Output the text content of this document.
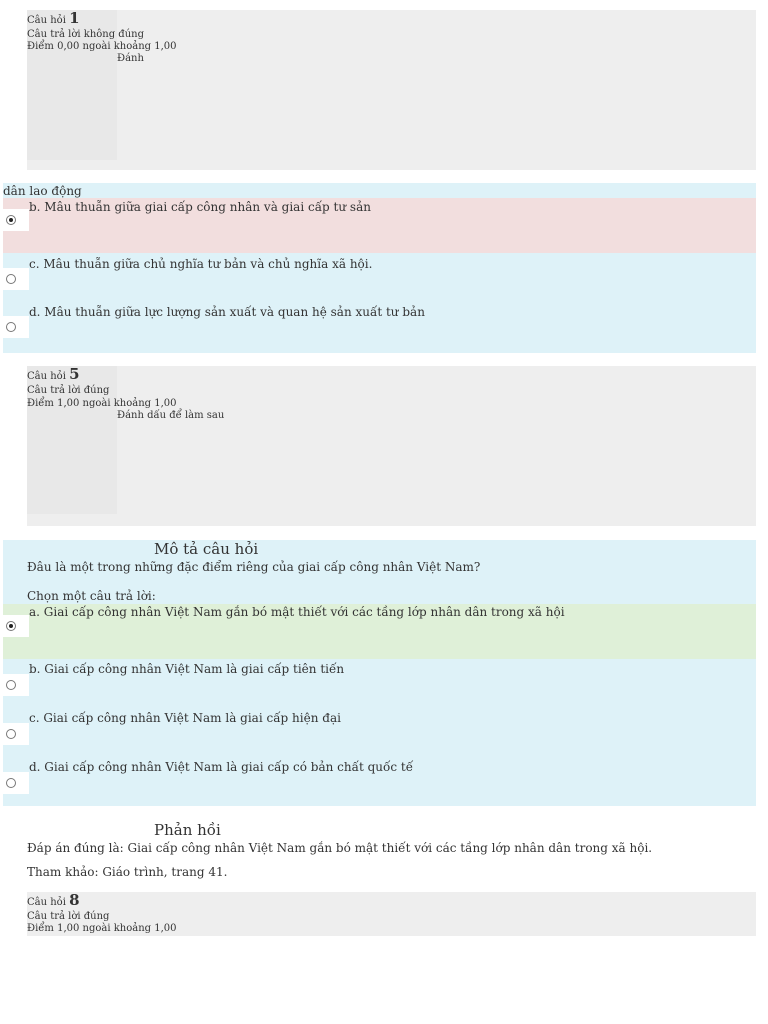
Câu hỏi 1
Câu trả lời không đúng
Điểm 0,00 ngoài khoảng 1,00
Đánh
dân lao động
b. Mâu thuẫn giữa giai cấp công nhân và giai cấp tư sản
c. Mâu thuẫn giữa chủ nghĩa tư bản và chủ nghĩa xã hội.
d. Mâu thuẫn giữa lực lượng sản xuất và quan hệ sản xuất tư bản
Câu hỏi 5
Câu trả lời đúng
Điểm 1,00 ngoài khoảng 1,00
Đánh dấu để làm sau
Mô tả câu hỏi
Đâu là một trong những đặc điểm riêng của giai cấp công nhân Việt Nam?
Chọn một câu trả lời:
a. Giai cấp công nhân Việt Nam gắn bó mật thiết với các tầng lớp nhân dân trong xã hội
b. Giai cấp công nhân Việt Nam là giai cấp tiên tiến
c. Giai cấp công nhân Việt Nam là giai cấp hiện đại
d. Giai cấp công nhân Việt Nam là giai cấp có bản chất quốc tế
Phản hồi
Đáp án đúng là: Giai cấp công nhân Việt Nam gắn bó mật thiết với các tầng lớp nhân dân trong xã hội.
Tham khảo: Giáo trình, trang 41.
Câu hỏi 8
Câu trả lời đúng
Điểm 1,00 ngoài khoảng 1,00
